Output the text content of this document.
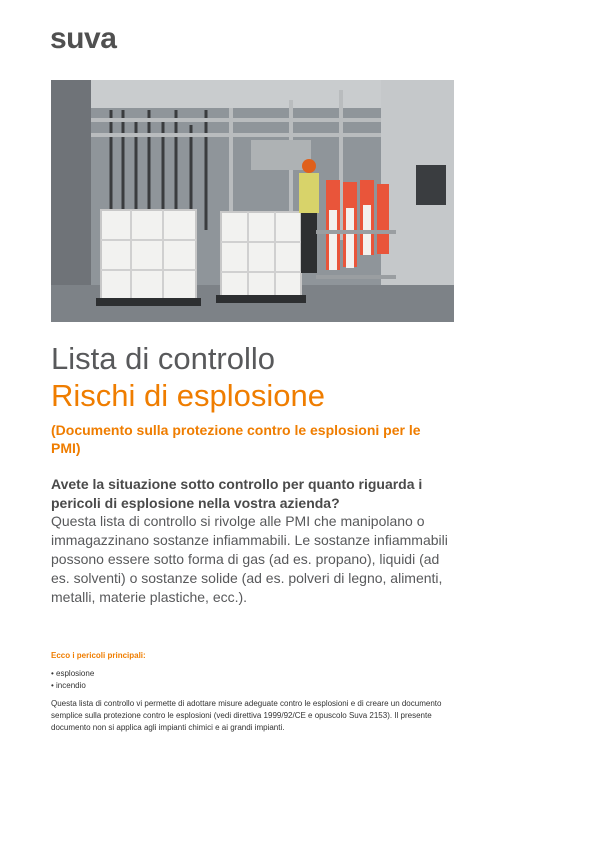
suva
Lista di controllo
Rischi di esplosione
(Documento sulla protezione contro le esplosioni per le PMI)
Avete la situazione sotto controllo per quanto riguarda i pericoli di esplosione nella vostra azienda?
Questa lista di controllo si rivolge alle PMI che manipolano o immagazzinano sostanze infiammabili. Le sostanze infiammabili possono essere sotto forma di gas (ad es. propano), liquidi (ad es. solventi) o sostanze solide (ad es. polveri di legno, alimenti, metalli, materie plastiche, ecc.).
Ecco i pericoli principali:
• esplosione
• incendio
Questa lista di controllo vi permette di adottare misure adeguate contro le esplosioni e di creare un documento semplice sulla protezione contro le esplosioni (vedi direttiva 1999/92/CE e opuscolo Suva 2153). Il presente documento non si applica agli impianti chimici e ai grandi impianti.
